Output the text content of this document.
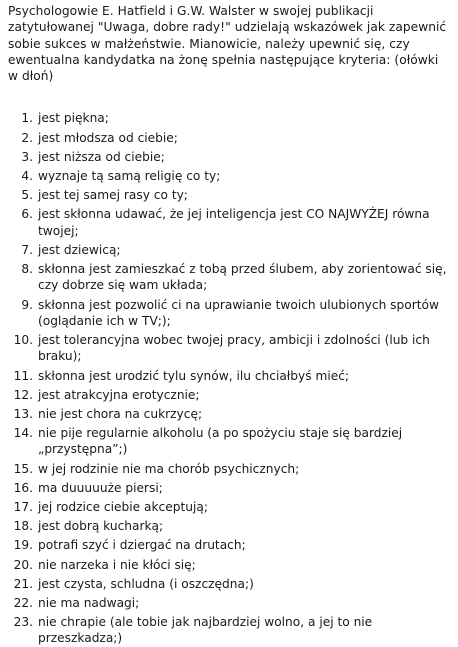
Psychologowie E. Hatfield i G.W. Walster w swojej publikacji zatytułowanej "Uwaga, dobre rady!" udzielają wskazówek jak zapewnić sobie sukces w małżeństwie. Mianowicie, należy upewnić się, czy ewentualna kandydatka na żonę spełnia następujące kryteria: (ołówki w dłoń)

1. jest piękna;
2. jest młodsza od ciebie;
3. jest niższa od ciebie;
4. wyznaje tą samą religię co ty;
5. jest tej samej rasy co ty;
6. jest skłonna udawać, że jej inteligencja jest CO NAJWYŻEJ równa twojej;
7. jest dziewicą;
8. skłonna jest zamieszkać z tobą przed ślubem, aby zorientować się, czy dobrze się wam układa;
9. skłonna jest pozwolić ci na uprawianie twoich ulubionych sportów (oglądanie ich w TV;);
10. jest tolerancyjna wobec twojej pracy, ambicji i zdolności (lub ich braku);
11. skłonna jest urodzić tylu synów, ilu chciałbyś mieć;
12. jest atrakcyjna erotycznie;
13. nie jest chora na cukrzycę;
14. nie pije regularnie alkoholu (a po spożyciu staje się bardziej „przystępna”;)
15. w jej rodzinie nie ma chorób psychicznych;
16. ma duuuuuże piersi;
17. jej rodzice ciebie akceptują;
18. jest dobrą kucharką;
19. potrafi szyć i dziergać na drutach;
20. nie narzeka i nie kłóci się;
21. jest czysta, schludna (i oszczędna;)
22. nie ma nadwagi;
23. nie chrapie (ale tobie jak najbardziej wolno, a jej to nie przeszkadza;)
